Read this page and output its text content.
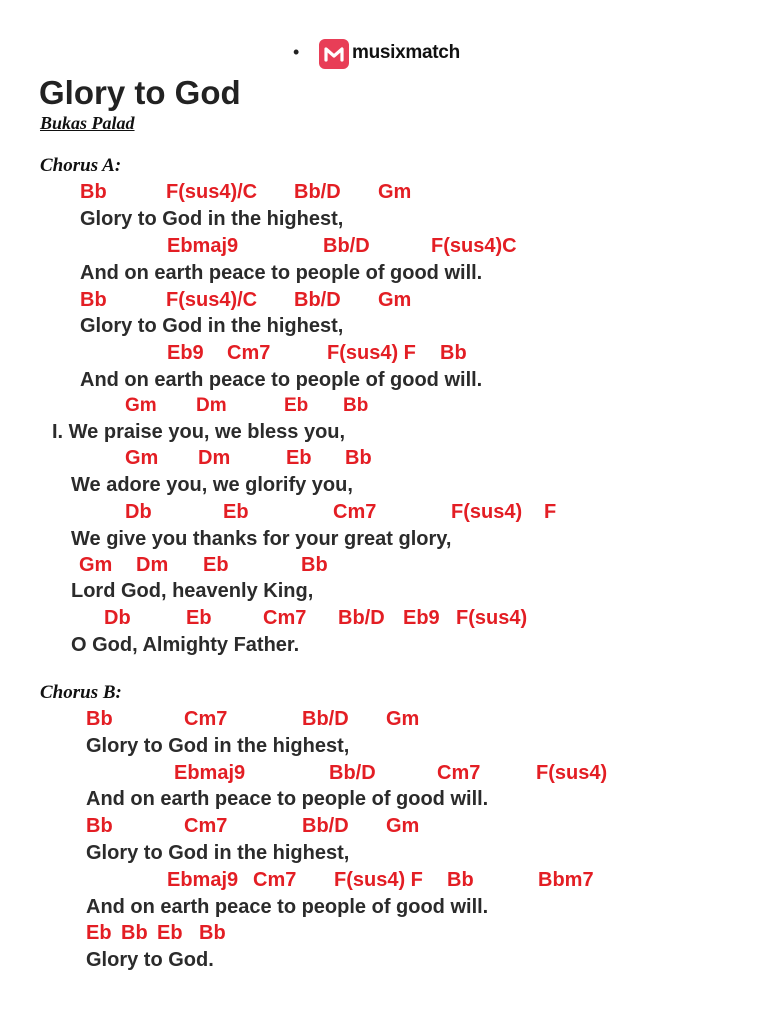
•	musixmatch
Glory to God
Bukas Palad
Chorus A:
Bb	F(sus4)/C Bb/D Gm
Glory to God in the highest,
Ebmaj9	Bb/D	F(sus4)C
And on earth peace to people of good will.
Bb	F(sus4)/C Bb/D Gm
Glory to God in the highest,
Eb9 Cm7	F(sus4) F Bb
And on earth peace to people of good will.
Gm Dm	Eb Bb
I. We praise you, we bless you,
Gm Dm	Eb Bb
We adore you, we glorify you,
Db	Eb	Cm7	F(sus4) F
We give you thanks for your great glory,
Gm Dm Eb	Bb
Lord God, heavenly King,
Db	Eb	Cm7 Bb/D Eb9 F(sus4)
O God, Almighty Father.
Chorus B:
Bb	Cm7	Bb/D Gm
Glory to God in the highest,
Ebmaj9	Bb/D	Cm7	F(sus4)
And on earth peace to people of good will.
Bb	Cm7	Bb/D Gm
Glory to God in the highest,
Ebmaj9 Cm7 F(sus4) F Bb	Bbm7
And on earth peace to people of good will.
Eb Bb Eb Bb
Glory to God.
